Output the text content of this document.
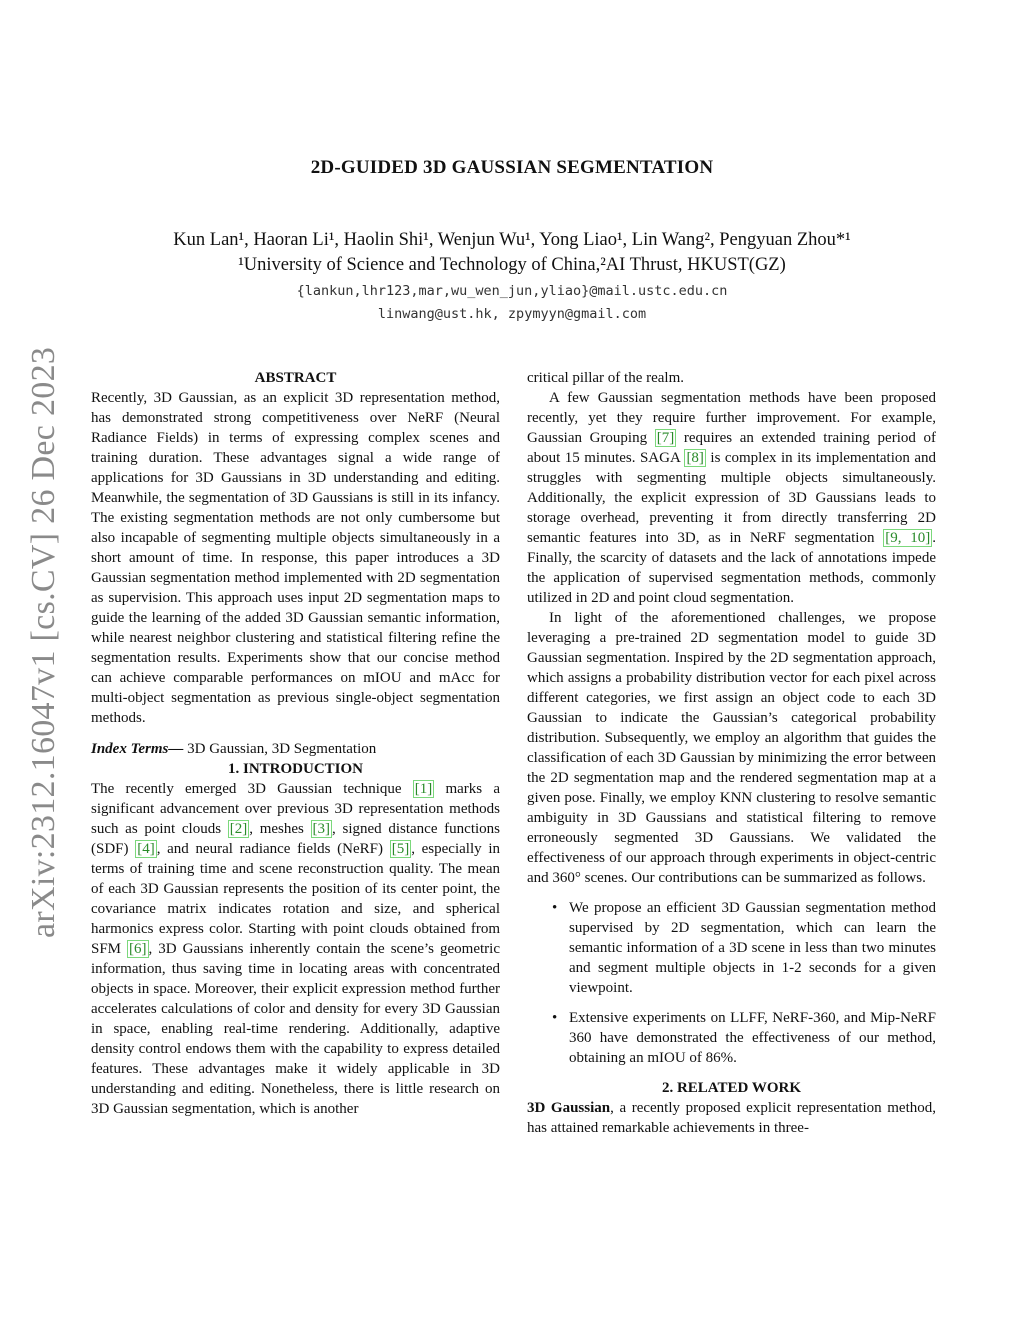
arXiv:2312.16047v1 [cs.CV] 26 Dec 2023
2D-GUIDED 3D GAUSSIAN SEGMENTATION
Kun Lan¹, Haoran Li¹, Haolin Shi¹, Wenjun Wu¹, Yong Liao¹, Lin Wang², Pengyuan Zhou*¹
¹University of Science and Technology of China,²AI Thrust, HKUST(GZ)
{lankun,lhr123,mar,wu_wen_jun,yliao}@mail.ustc.edu.cn
linwang@ust.hk, zpymyyn@gmail.com

ABSTRACT

Recently, 3D Gaussian, as an explicit 3D representation method, has demonstrated strong competitiveness over NeRF (Neural Radiance Fields) in terms of expressing complex scenes and training duration. These advantages signal a wide range of applications for 3D Gaussians in 3D understanding and editing. Meanwhile, the segmentation of 3D Gaussians is still in its infancy. The existing segmentation methods are not only cumbersome but also incapable of segmenting multiple objects simultaneously in a short amount of time. In response, this paper introduces a 3D Gaussian segmentation method implemented with 2D segmentation as supervision. This approach uses input 2D segmentation maps to guide the learning of the added 3D Gaussian semantic information, while nearest neighbor clustering and statistical filtering refine the segmentation results. Experiments show that our concise method can achieve comparable performances on mIOU and mAcc for multi-object segmentation as previous single-object segmentation methods.

Index Terms— 3D Gaussian, 3D Segmentation

1. INTRODUCTION

The recently emerged 3D Gaussian technique [1] marks a significant advancement over previous 3D representation methods such as point clouds [2] , meshes [3] , signed distance functions (SDF) [4] , and neural radiance fields (NeRF) [5] , especially in terms of training time and scene reconstruction quality. The mean of each 3D Gaussian represents the position of its center point, the covariance matrix indicates rotation and size, and spherical harmonics express color. Starting with point clouds obtained from SFM [6] , 3D Gaussians inherently contain the scene’s geometric information, thus saving time in locating areas with concentrated objects in space. Moreover, their explicit expression method further accelerates calculations of color and density for every 3D Gaussian in space, enabling real-time rendering. Additionally, adaptive density control endows them with the capability to express detailed features. These advantages make it widely applicable in 3D understanding and editing. Nonetheless, there is little research on 3D Gaussian segmentation, which is another

critical pillar of the realm.

A few Gaussian segmentation methods have been proposed recently, yet they require further improvement. For example, Gaussian Grouping [7] requires an extended training period of about 15 minutes. SAGA [8] is complex in its implementation and struggles with segmenting multiple objects simultaneously. Additionally, the explicit expression of 3D Gaussians leads to storage overhead, preventing it from directly transferring 2D semantic features into 3D, as in NeRF segmentation [9, 10] . Finally, the scarcity of datasets and the lack of annotations impede the application of supervised segmentation methods, commonly utilized in 2D and point cloud segmentation.

In light of the aforementioned challenges, we propose leveraging a pre-trained 2D segmentation model to guide 3D Gaussian segmentation. Inspired by the 2D segmentation approach, which assigns a probability distribution vector for each pixel across different categories, we first assign an object code to each 3D Gaussian to indicate the Gaussian’s categorical probability distribution. Subsequently, we employ an algorithm that guides the classification of each 3D Gaussian by minimizing the error between the 2D segmentation map and the rendered segmentation map at a given pose. Finally, we employ KNN clustering to resolve semantic ambiguity in 3D Gaussians and statistical filtering to remove erroneously segmented 3D Gaussians. We validated the effectiveness of our approach through experiments in object-centric and 360° scenes. Our contributions can be summarized as follows.

• We propose an efficient 3D Gaussian segmentation method supervised by 2D segmentation, which can learn the semantic information of a 3D scene in less than two minutes and segment multiple objects in 1-2 seconds for a given viewpoint.
• Extensive experiments on LLFF, NeRF-360, and Mip-NeRF 360 have demonstrated the effectiveness of our method, obtaining an mIOU of 86%.

2. RELATED WORK

3D Gaussian, a recently proposed explicit representation method, has attained remarkable achievements in three-
